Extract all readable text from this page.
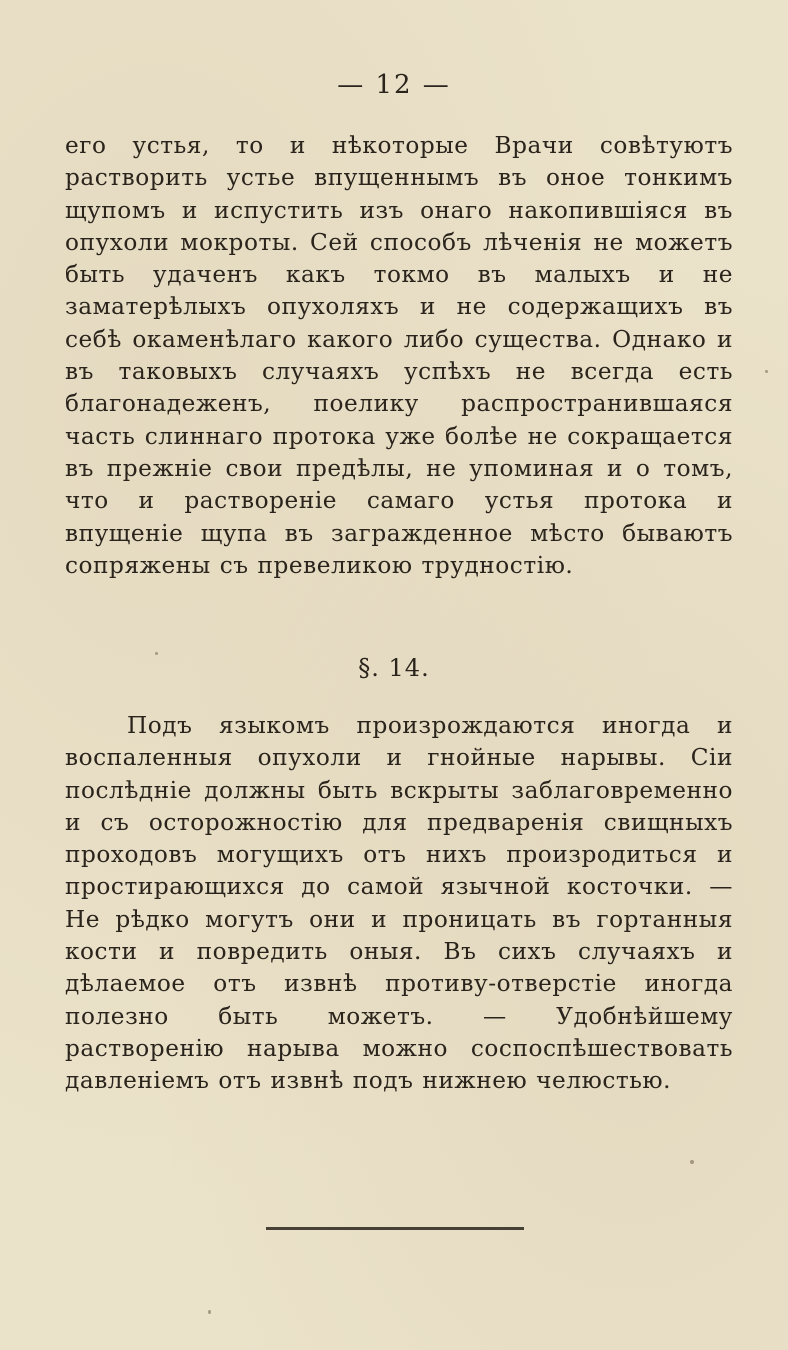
— 12 —

его устья, то и нѣкоторые Врачи совѣтуютъ растворить устье впущеннымъ въ оное тонкимъ щупомъ и испустить изъ онаго накопившіяся въ опухоли мокроты. Сей способъ лѣченія не можетъ быть удаченъ какъ токмо въ малыхъ и не заматерѣлыхъ опухоляхъ и не содержащихъ въ себѣ окаменѣлаго какого либо существа. Однако и въ таковыхъ случаяхъ успѣхъ не всегда есть благонадеженъ, поелику распространившаяся часть слиннаго протока уже болѣе не сокращается въ прежніе свои предѣлы, не упоминая и о томъ, что и раствореніе самаго устья протока и впущеніе щупа въ загражденное мѣсто бываютъ сопряжены съ превеликою трудностію.

§. 14.

Подъ языкомъ произрождаются иногда и воспаленныя опухоли и гнойные нарывы. Сіи послѣдніе должны быть вскрыты заблаговременно и съ осторожностію для предваренія свищныхъ проходовъ могущихъ отъ нихъ произродиться и простирающихся до самой язычной косточки. — Не рѣдко могутъ они и проницать въ гортанныя кости и повредить оныя. Въ сихъ случаяхъ и дѣлаемое отъ извнѣ противу-отверстіе иногда полезно быть можетъ. — Удобнѣйшему раствоpенію нарыва можно соспоспѣшествовать давленіемъ отъ извнѣ подъ нижнею челюстью.
